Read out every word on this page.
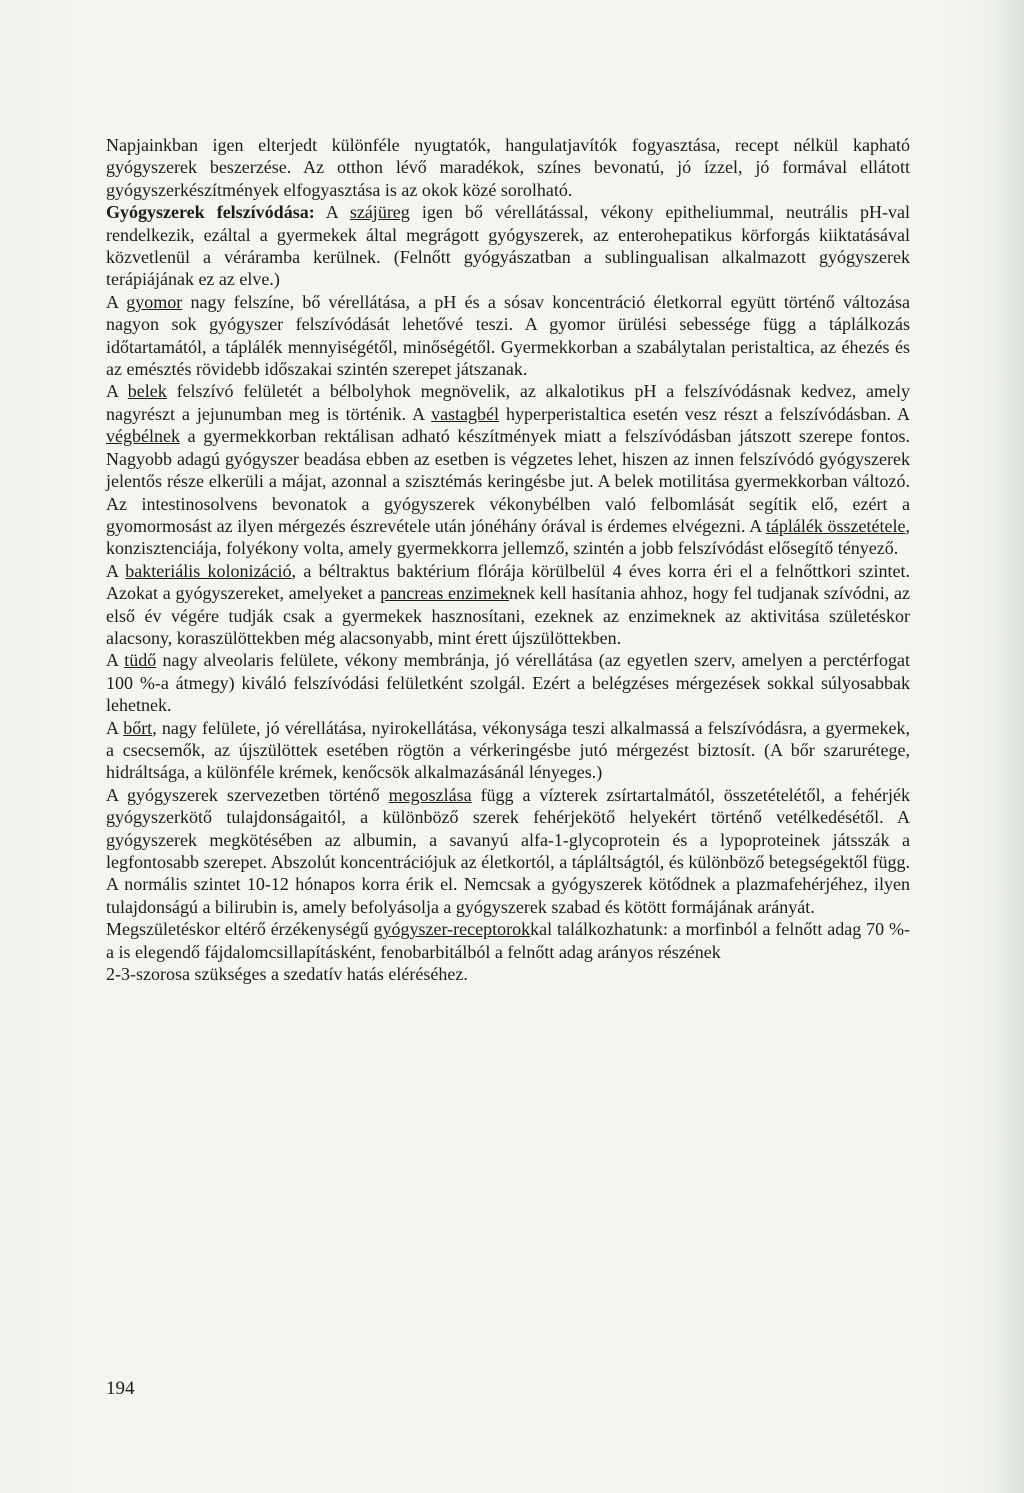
Napjainkban igen elterjedt különféle nyugtatók, hangulatjavítók fogyasztása, recept nélkül kapható gyógyszerek beszerzése. Az otthon lévő maradékok, színes bevonatú, jó ízzel, jó formával ellátott gyógyszerkészítmények elfogyasztása is az okok közé sorolható.

Gyógyszerek felszívódása: A szájüreg igen bő vérellátással, vékony epitheliummal, neutrális pH-val rendelkezik, ezáltal a gyermekek által megrágott gyógyszerek, az enterohepatikus körforgás kiiktatásával közvetlenül a véráramba kerülnek. (Felnőtt gyógyászatban a sublingualisan alkalmazott gyógyszerek terápiájának ez az elve.)

A gyomor nagy felszíne, bő vérellátása, a pH és a sósav koncentráció életkorral együtt történő változása nagyon sok gyógyszer felszívódását lehetővé teszi. A gyomor ürülési sebessége függ a táplálkozás időtartamától, a táplálék mennyiségétől, minőségétől. Gyermekkorban a szabálytalan peristaltica, az éhezés és az emésztés rövidebb időszakai szintén szerepet játszanak.

A belek felszívó felületét a bélbolyhok megnövelik, az alkalotikus pH a felszívódásnak kedvez, amely nagyrészt a jejunumban meg is történik. A vastagbél hyperperistaltica esetén vesz részt a felszívódásban. A végbélnek a gyermekkorban rektálisan adható készítmények miatt a felszívódásban játszott szerepe fontos. Nagyobb adagú gyógyszer beadása ebben az esetben is végzetes lehet, hiszen az innen felszívódó gyógyszerek jelentős része elkerüli a májat, azonnal a szisztémás keringésbe jut. A belek motilitása gyermekkorban változó. Az intestinosolvens bevonatok a gyógyszerek vékonybélben való felbomlását segítik elő, ezért a gyomormosást az ilyen mérgezés észrevétele után jónéhány órával is érdemes elvégezni. A táplálék összetétele, konzisztenciája, folyékony volta, amely gyermekkorra jellemző, szintén a jobb felszívódást elősegítő tényező.

A bakteriális kolonizáció, a béltraktus baktérium flórája körülbelül 4 éves korra éri el a felnőttkori szintet. Azokat a gyógyszereket, amelyeket a pancreas enzimeknek kell hasítania ahhoz, hogy fel tudjanak szívódni, az első év végére tudják csak a gyermekek hasznosítani, ezeknek az enzimeknek az aktivitása születéskor alacsony, koraszülöttekben még alacsonyabb, mint érett újszülöttekben.

A tüdő nagy alveolaris felülete, vékony membránja, jó vérellátása (az egyetlen szerv, amelyen a perctérfogat 100 %-a átmegy) kiváló felszívódási felületként szolgál. Ezért a belégzéses mérgezések sokkal súlyosabbak lehetnek.

A bőrt, nagy felülete, jó vérellátása, nyirokellátása, vékonysága teszi alkalmassá a felszívódásra, a gyermekek, a csecsemők, az újszülöttek esetében rögtön a vérkeringésbe jutó mérgezést biztosít. (A bőr szarurétege, hidráltsága, a különféle krémek, kenőcsök alkalmazásánál lényeges.)

A gyógyszerek szervezetben történő megoszlása függ a vízterek zsírtartalmától, összetételétől, a fehérjék gyógyszerkötő tulajdonságaitól, a különböző szerek fehérjekötő helyekért történő vetélkedésétől. A gyógyszerek megkötésében az albumin, a savanyú alfa-1-glycoprotein és a lypoproteinek játsszák a legfontosabb szerepet. Abszolút koncentrációjuk az életkortól, a tápláltságtól, és különböző betegségektől függ. A normális szintet 10-12 hónapos korra érik el. Nemcsak a gyógyszerek kötődnek a plazmafehérjéhez, ilyen tulajdonságú a bilirubin is, amely befolyásolja a gyógyszerek szabad és kötött formájának arányát.

Megszületéskor eltérő érzékenységű gyógyszer-receptorokkal találkozhatunk: a morfinból a felnőtt adag 70 %-a is elegendő fájdalomcsillapításként, fenobarbitálból a felnőtt adag arányos részének

2-3-szorosa szükséges a szedatív hatás eléréséhez.

194
